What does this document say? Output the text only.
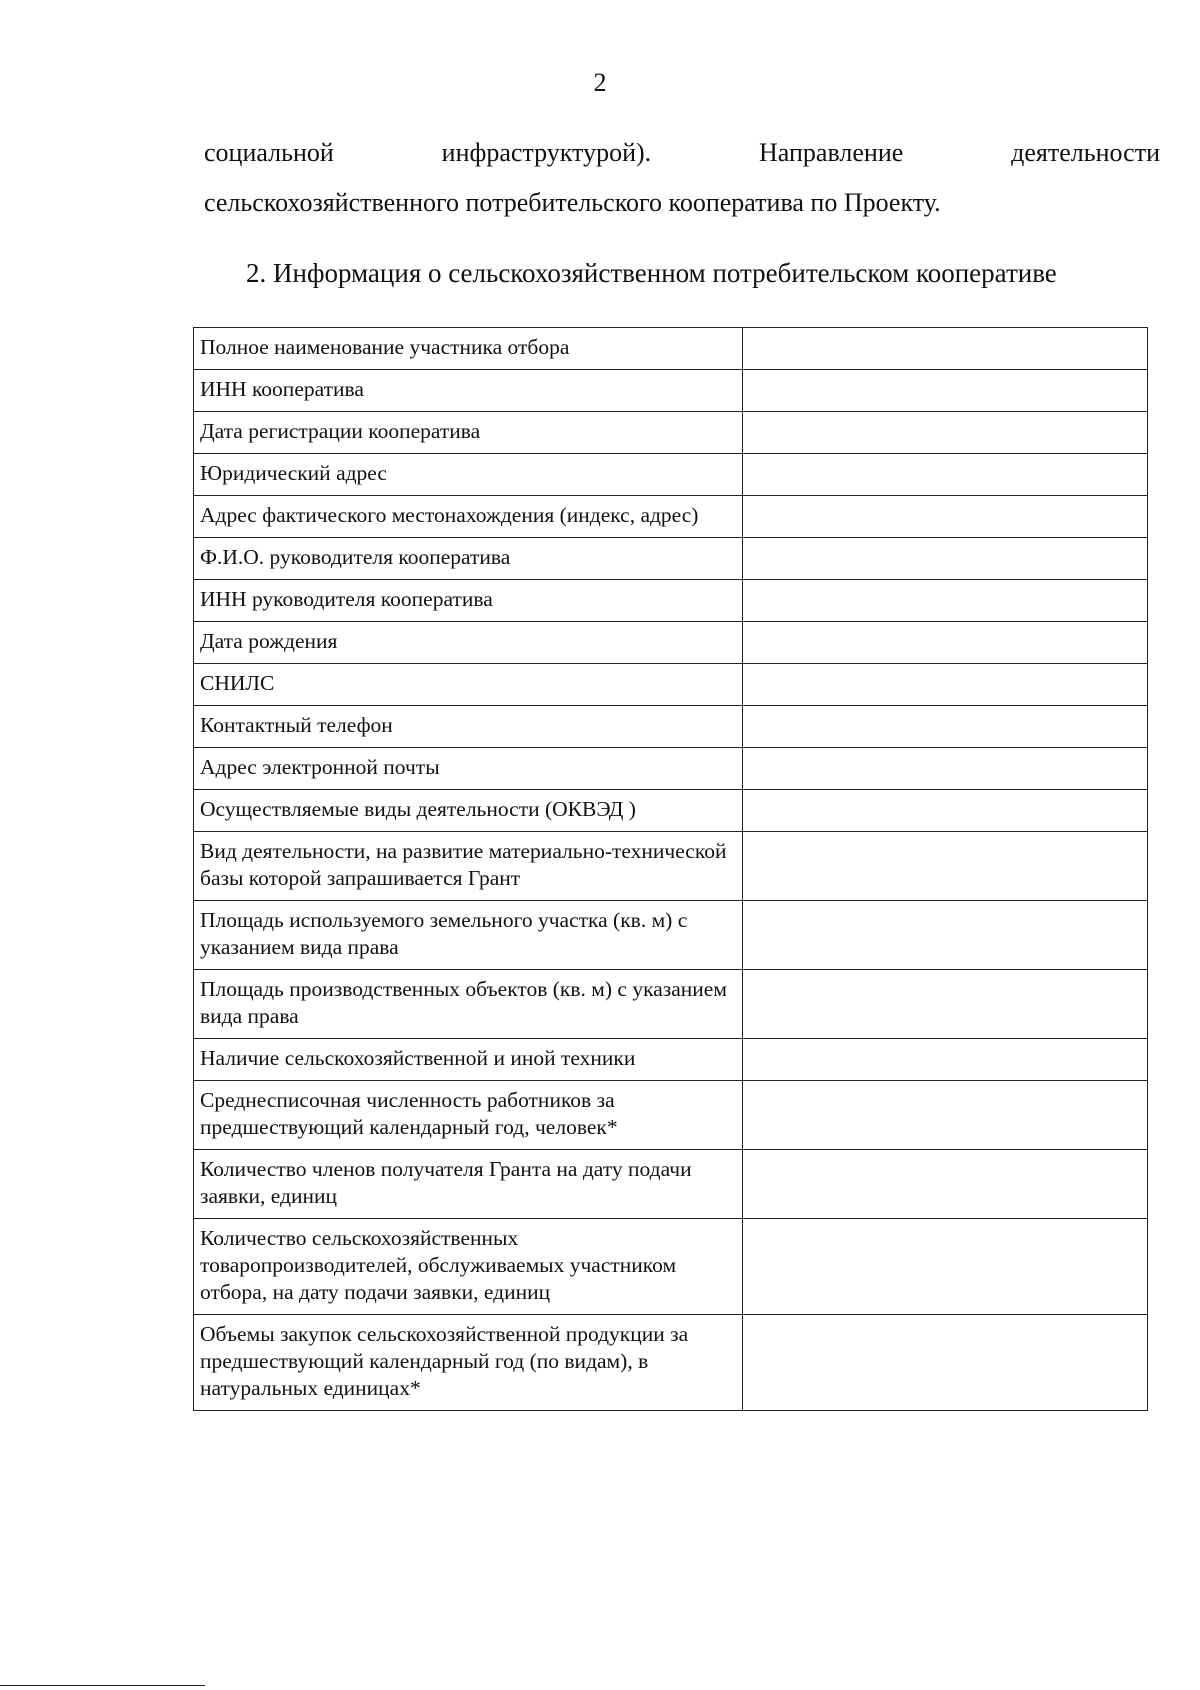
2
социальной	инфраструктурой).	Направление	деятельности
сельскохозяйственного потребительского кооператива по Проекту.
2. Информация о сельскохозяйственном потребительском кооперативе
Полное наименование участника отбора	
ИНН кооператива	
Дата регистрации кооператива	
Юридический адрес	
Адрес фактического местонахождения (индекс, адрес)	
Ф.И.О. руководителя кооператива	
ИНН руководителя кооператива	
Дата рождения	
СНИЛС	
Контактный телефон	
Адрес электронной почты	
Осуществляемые виды деятельности (ОКВЭД )	
Вид деятельности, на развитие материально-технической базы которой запрашивается Грант	
Площадь используемого земельного участка (кв. м) с указанием вида права	
Площадь производственных объектов (кв. м) с указанием вида права	
Наличие сельскохозяйственной и иной техники	
Среднесписочная численность работников за предшествующий календарный год, человек*	
Количество членов получателя Гранта на дату подачи заявки, единиц	
Количество сельскохозяйственных товаропроизводителей, обслуживаемых участником отбора, на дату подачи заявки, единиц	
Объемы закупок сельскохозяйственной продукции за предшествующий календарный год (по видам), в натуральных единицах*	
